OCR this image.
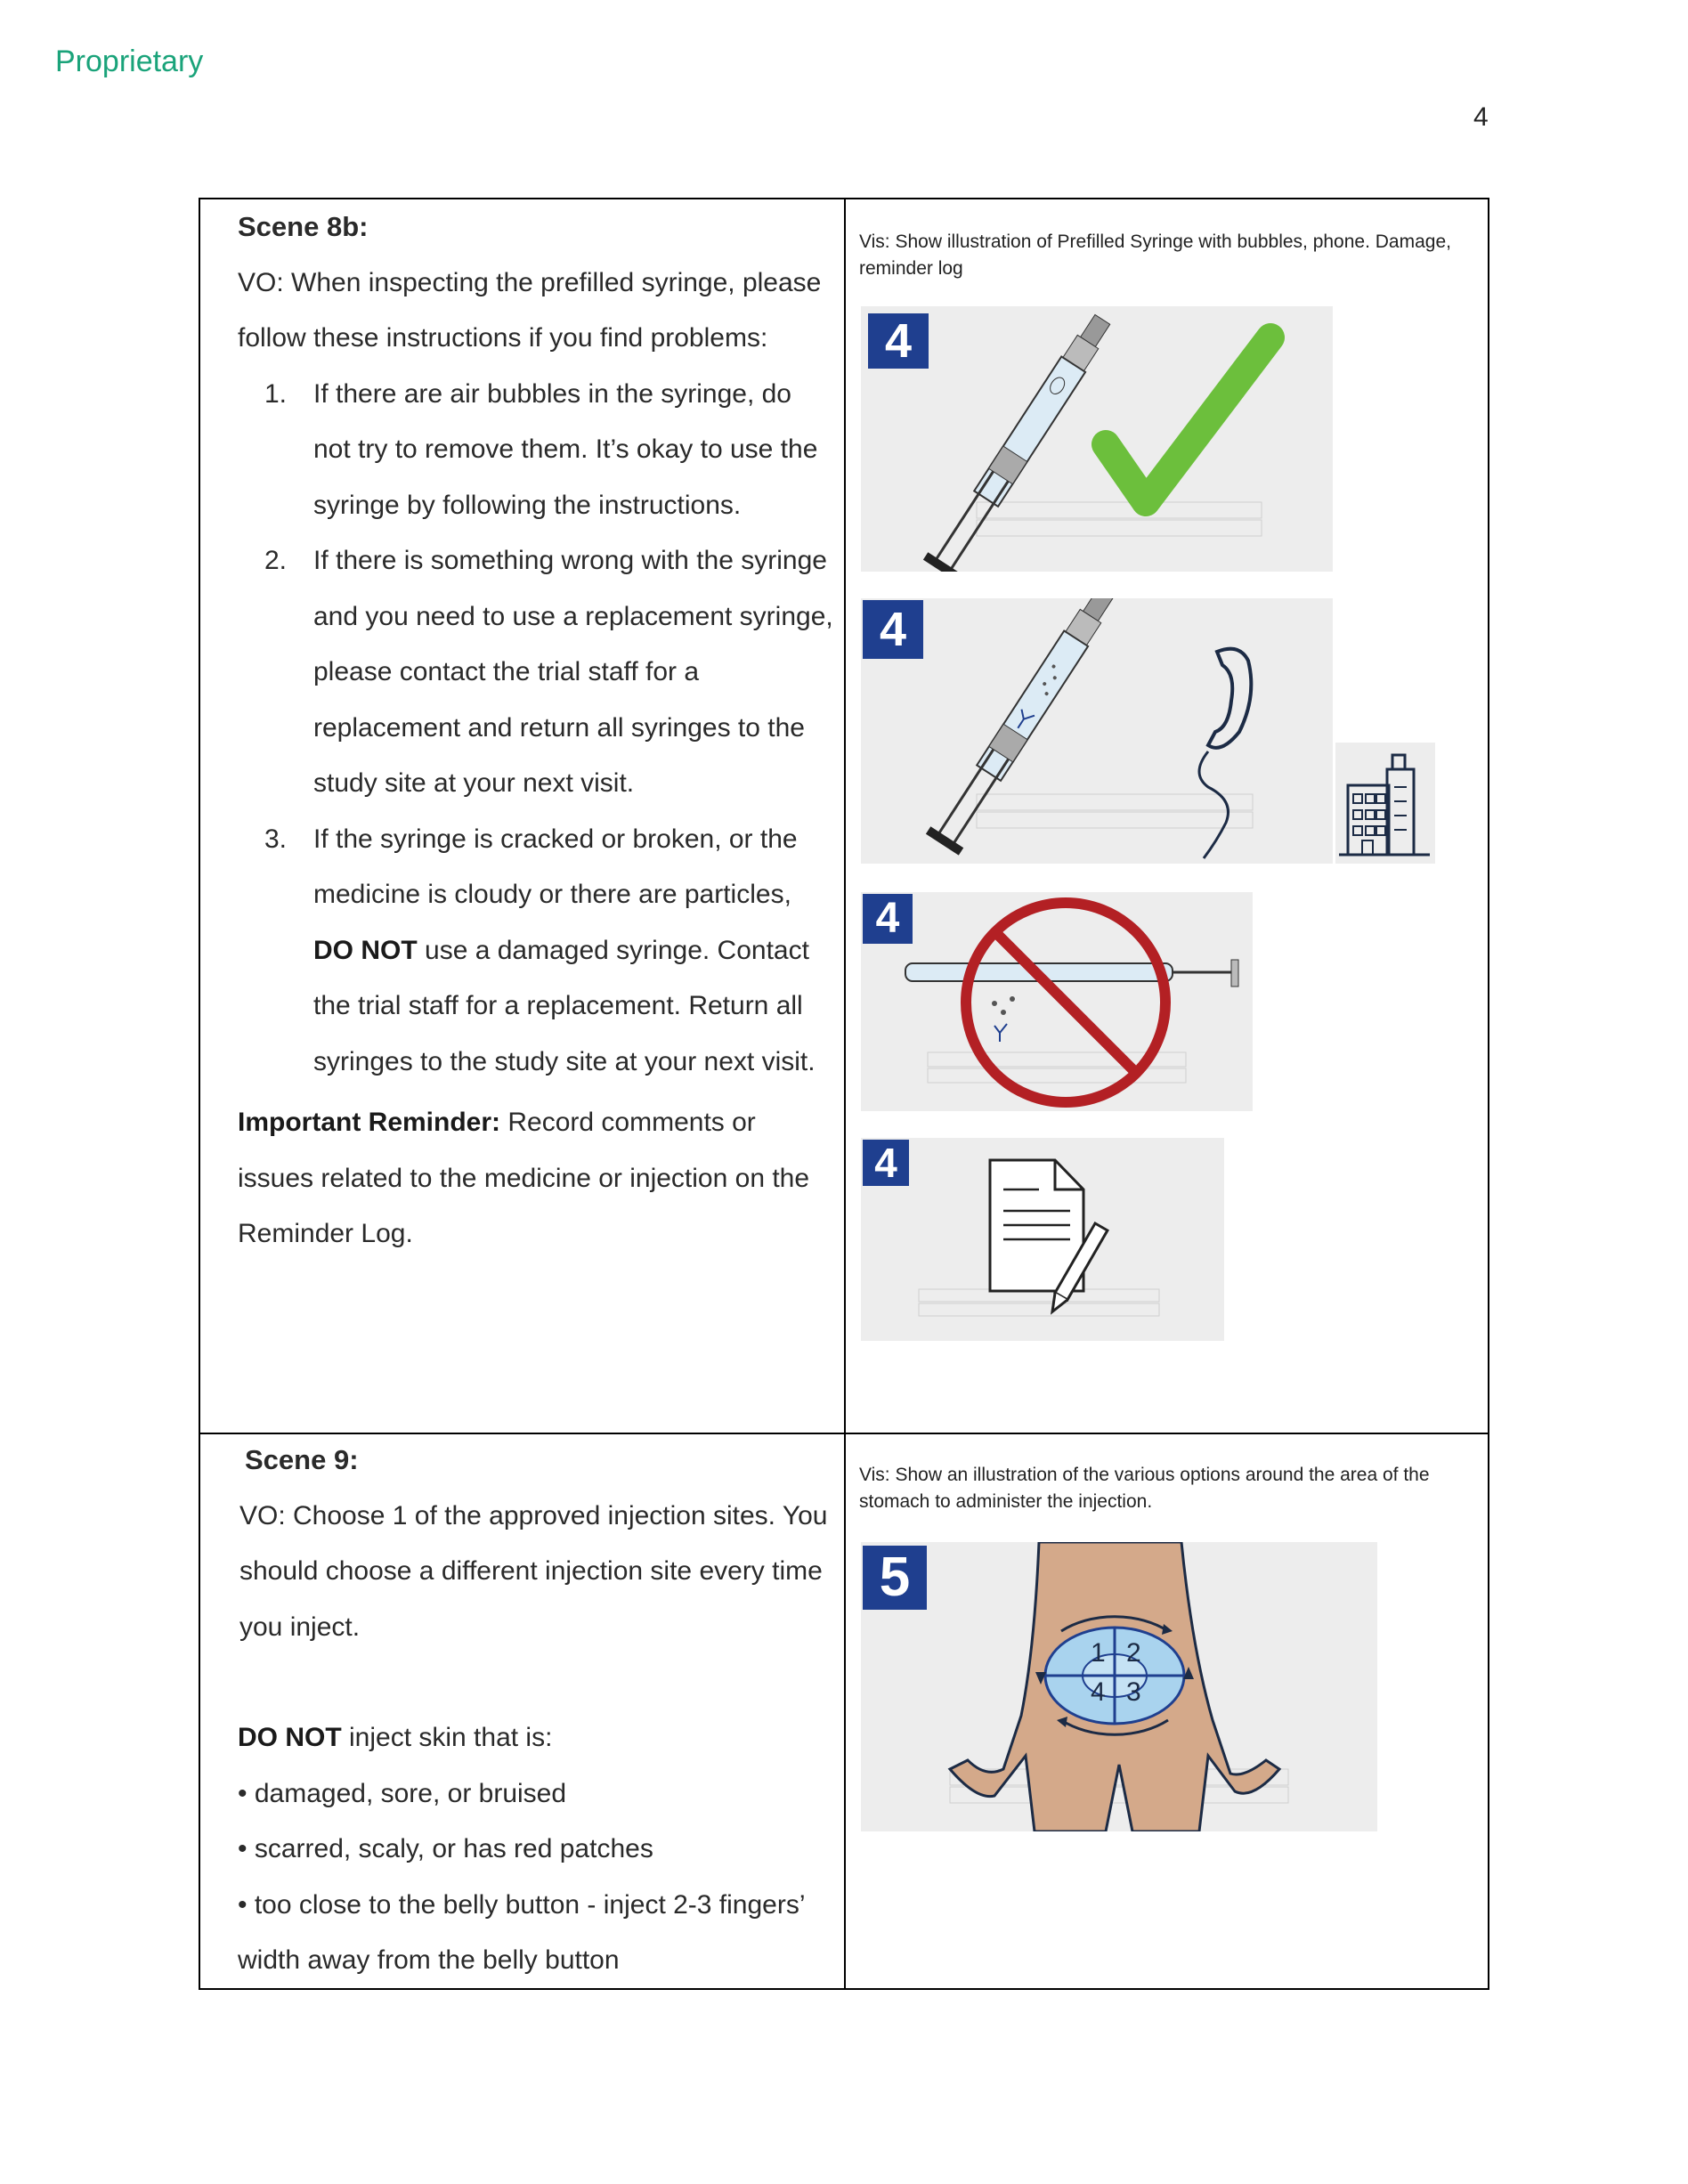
Proprietary
4
Scene 8b:
VO: When inspecting the prefilled syringe, please follow these instructions if you find problems:
1. If there are air bubbles in the syringe, do not try to remove them. It’s okay to use the syringe by following the instructions.
2. If there is something wrong with the syringe and you need to use a replacement syringe, please contact the trial staff for a replacement and return all syringes to the study site at your next visit.
3. If the syringe is cracked or broken, or the medicine is cloudy or there are particles, DO NOT use a damaged syringe. Contact the trial staff for a replacement. Return all syringes to the study site at your next visit.
Important Reminder: Record comments or issues related to the medicine or injection on the Reminder Log.
Vis: Show illustration of Prefilled Syringe with bubbles, phone. Damage, reminder log
4
4
4
4
Scene 9:
VO: Choose 1 of the approved injection sites. You should choose a different injection site every time you inject.
DO NOT inject skin that is:
• damaged, sore, or bruised
• scarred, scaly, or has red patches
• too close to the belly button - inject 2-3 fingers’ width away from the belly button
Vis: Show an illustration of the various options around the area of the stomach to administer the injection.
5
1 2
3
4
